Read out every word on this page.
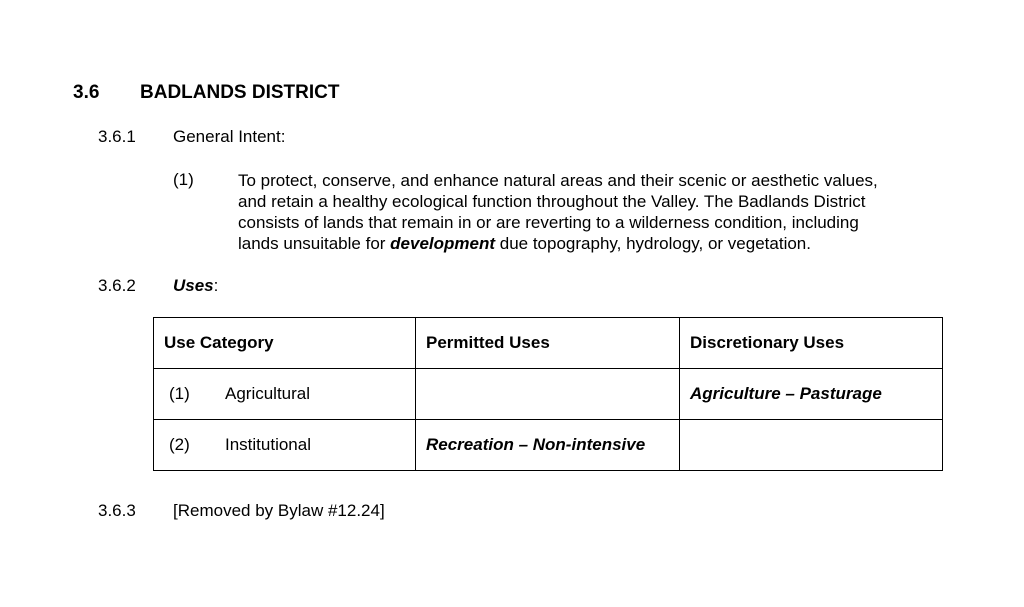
3.6 BADLANDS DISTRICT
3.6.1 General Intent:
(1)	To protect, conserve, and enhance natural areas and their scenic or aesthetic values,
and retain a healthy ecological function throughout the Valley. The Badlands District
consists of lands that remain in or are reverting to a wilderness condition, including
lands unsuitable for development due topography, hydrology, or vegetation.
3.6.2 Uses:
Use Category	Permitted Uses	Discretionary Uses
(1) Agricultural		Agriculture – Pasturage
(2) Institutional	Recreation – Non-intensive	
3.6.3 [Removed by Bylaw #12.24]
